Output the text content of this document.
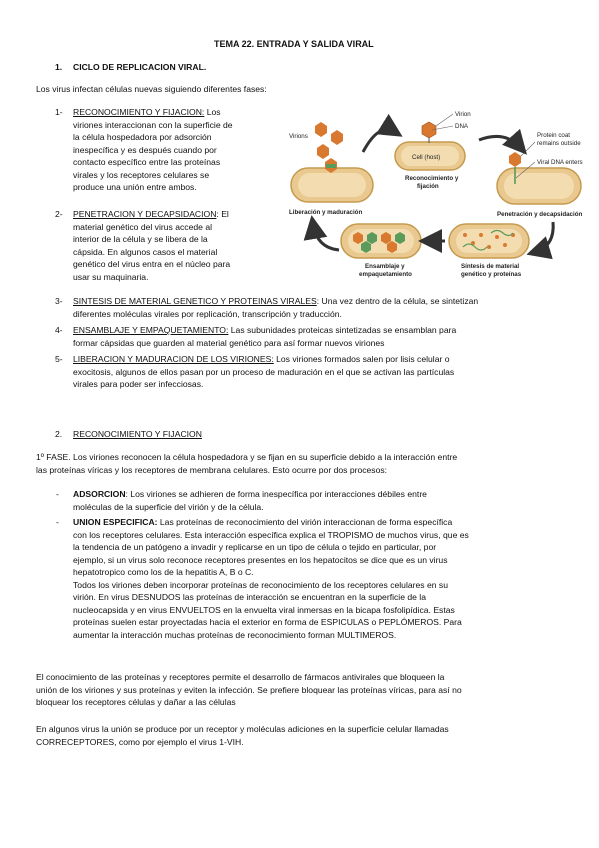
TEMA 22. ENTRADA Y SALIDA VIRAL
1. CICLO DE REPLICACION VIRAL.
Los virus infectan células nuevas siguiendo diferentes fases:
1- RECONOCIMIENTO Y FIJACION: Los

viriones interaccionan con la superficie de

la célula hospedadora por adsorción

inespecífica y es después cuando por

contacto específico entre las proteínas

virales y los receptores celulares se

produce una unión entre ambos.

2- PENETRACION Y DECAPSIDACION: El

material genético del virus accede al

interior de la célula y se libera de la

cápsida. En algunos casos el material

genético del virus entra en el núcleo para

usar su maquinaria.

3- SINTESIS DE MATERIAL GENETICO Y PROTEINAS VIRALES: Una vez dentro de la célula, se sintetizan

diferentes moléculas virales por replicación, transcripción y traducción.

4- ENSAMBLAJE Y EMPAQUETAMIENTO: Las subunidades proteicas sintetizadas se ensamblan para

formar cápsidas que guarden al material genético para así formar nuevos viriones

5- LIBERACION Y MADURACION DE LOS VIRIONES: Los viriones formados salen por lisis celular o

exocitosis, algunos de ellos pasan por un proceso de maduración en el que se activan las partículas

virales para poder ser infecciosas.

Cell (host)
Virion
DNA
Reconocimiento y
fijación
Virions
Liberación y maduración
Protein coat
remains outside
Viral DNA enters
Penetración y decapsidación
Ensamblaje y
empaquetamiento
Síntesis de material
genético y proteínas
2. RECONOCIMIENTO Y FIJACION

1º FASE. Los viriones reconocen la célula hospedadora y se fijan en su superficie debido a la interacción entre

las proteínas víricas y los receptores de membrana celulares. Esto ocurre por dos procesos:

- ADSORCION: Los viriones se adhieren de forma inespecífica por interacciones débiles entre

moléculas de la superficie del virión y de la célula.

- UNION ESPECIFICA: Las proteínas de reconocimiento del virión interaccionan de forma específica

con los receptores celulares. Esta interacción específica explica el TROPISMO de muchos virus, que es

la tendencia de un patógeno a invadir y replicarse en un tipo de célula o tejido en particular, por

ejemplo, si un virus solo reconoce receptores presentes en los hepatocitos se dice que es un virus

hepatotropico como los de la hepatitis A, B o C.

Todos los viriones deben incorporar proteínas de reconocimiento de los receptores celulares en su

virión. En virus DESNUDOS las proteínas de interacción se encuentran en la superficie de la

nucleocapsida y en virus ENVUELTOS en la envuelta viral inmersas en la bicapa fosfolipídica. Estas

proteínas suelen estar proyectadas hacia el exterior en forma de ESPICULAS o PEPLÓMEROS. Para

aumentar la interacción muchas proteínas de reconocimiento forman MULTIMEROS.

El conocimiento de las proteínas y receptores permite el desarrollo de fármacos antivirales que bloqueen la

unión de los viriones y sus proteínas y eviten la infección. Se prefiere bloquear las proteínas víricas, para así no

bloquear los receptores células y dañar a las células

En algunos virus la unión se produce por un receptor y moléculas adiciones en la superficie celular llamadas

CORRECEPTORES, como por ejemplo el virus 1-VIH.
